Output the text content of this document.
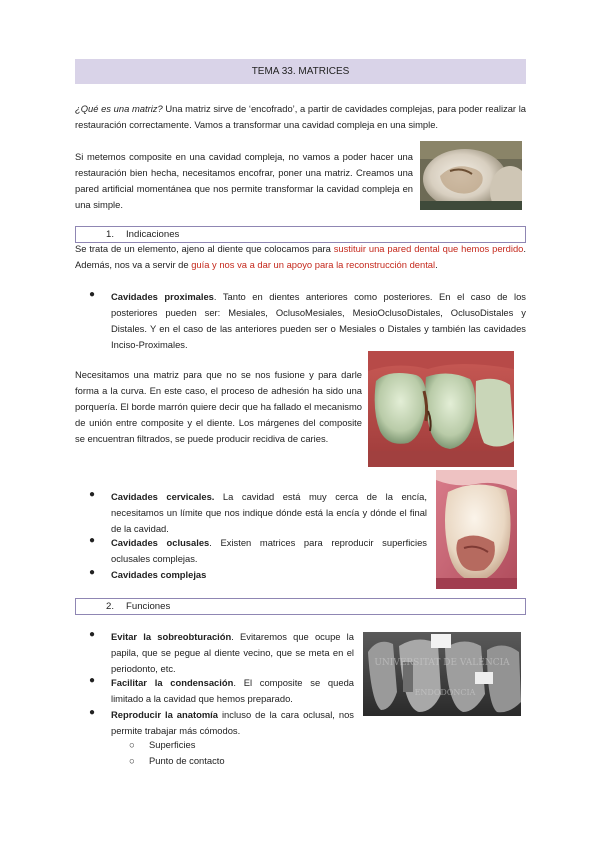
TEMA 33. MATRICES
¿Qué es una matriz? Una matriz sirve de ‘encofrado’, a partir de cavidades complejas, para poder realizar la restauración correctamente. Vamos a transformar una cavidad compleja en una simple.
Si metemos composite en una cavidad compleja, no vamos a poder hacer una restauración bien hecha, necesitamos encofrar, poner una matriz. Creamos una pared artificial momentánea que nos permite transformar la cavidad compleja en una simple.
1. Indicaciones
Se trata de un elemento, ajeno al diente que colocamos para sustituir una pared dental que hemos perdido. Además, nos va a servir de guía y nos va a dar un apoyo para la reconstrucción dental.
● Cavidades proximales. Tanto en dientes anteriores como posteriores. En el caso de los posteriores pueden ser: Mesiales, OclusoMesiales, MesioOclusoDistales, OclusoDistales y Distales. Y en el caso de las anteriores pueden ser o Mesiales o Distales y también las cavidades Inciso-Proximales.
Necesitamos una matriz para que no se nos fusione y para darle forma a la curva. En este caso, el proceso de adhesión ha sido una porquería. El borde marrón quiere decir que ha fallado el mecanismo de unión entre composite y el diente. Los márgenes del composite se encuentran filtrados, se puede producir recidiva de caries.
● Cavidades cervicales. La cavidad está muy cerca de la encía, necesitamos un límite que nos indique dónde está la encía y dónde el final de la cavidad.
● Cavidades oclusales. Existen matrices para reproducir superficies oclusales complejas.
● Cavidades complejas
2. Funciones
● Evitar la sobreobturación. Evitaremos que ocupe la papila, que se pegue al diente vecino, que se meta en el periodonto, etc.
● Facilitar la condensación. El composite se queda limitado a la cavidad que hemos preparado.
● Reproducir la anatomía incluso de la cara oclusal, nos permite trabajar más cómodos.
○ Superficies
○ Punto de contacto
UNIVERSITAT DE VALÈNCIA
ENDODONCIA
